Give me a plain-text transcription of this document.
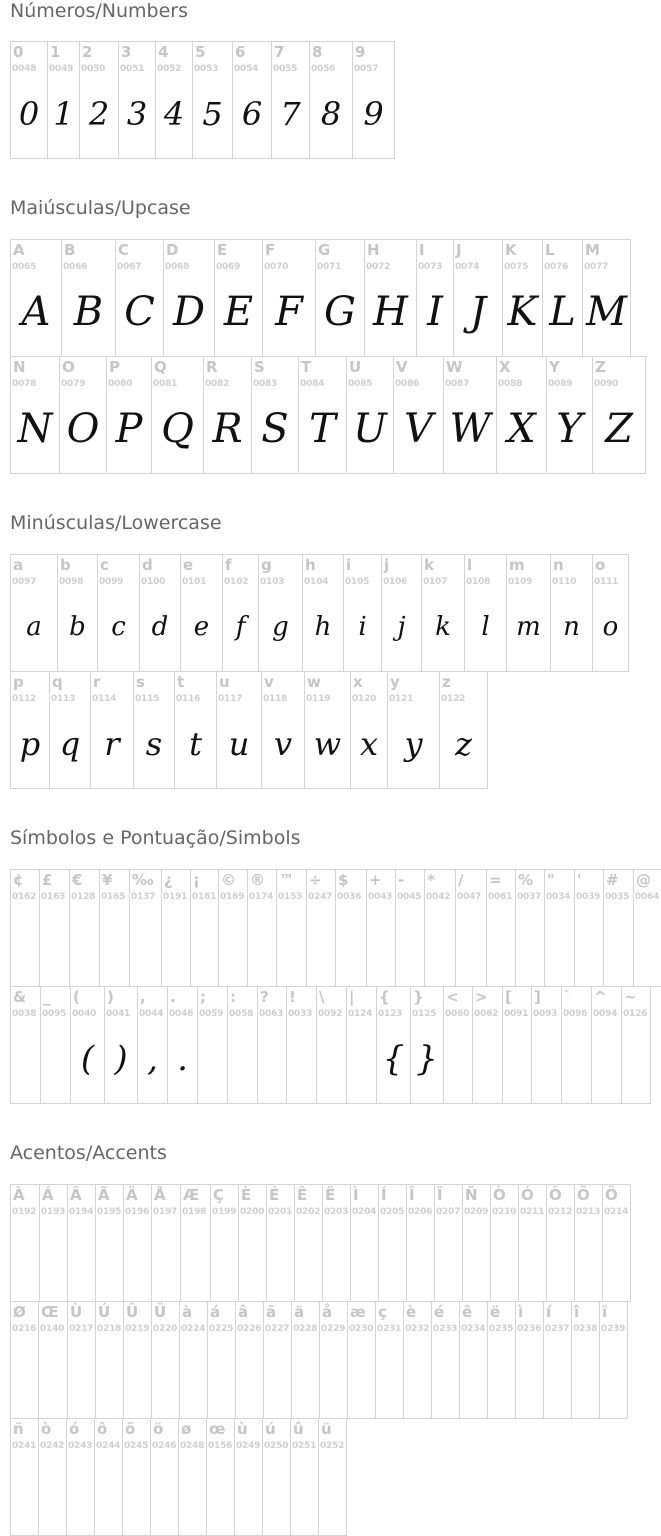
Números/Numbers
0
0048
0
1
0049
1
2
0050
2
3
0051
3
4
0052
4
5
0053
5
6
0054
6
7
0055
7
8
0056
8
9
0057
9
Maiúsculas/Upcase
A
0065
A
B
0066
B
C
0067
C
D
0068
D
E
0069
E
F
0070
F
G
0071
G
H
0072
H
I
0073
I
J
0074
J
K
0075
K
L
0076
L
M
0077
M
N
0078
N
O
0079
O
P
0080
P
Q
0081
Q
R
0082
R
S
0083
S
T
0084
T
U
0085
U
V
0086
V
W
0087
W
X
0088
X
Y
0089
Y
Z
0090
Z
Minúsculas/Lowercase
a
0097
a
b
0098
b
c
0099
c
d
0100
d
e
0101
e
f
0102
f
g
0103
g
h
0104
h
i
0105
i
j
0106
j
k
0107
k
l
0108
l
m
0109
m
n
0110
n
o
0111
o
p
0112
p
q
0113
q
r
0114
r
s
0115
s
t
0116
t
u
0117
u
v
0118
v
w
0119
w
x
0120
x
y
0121
y
z
0122
z
Símbolos e Pontuação/Simbols
¢
0162
£
0163
€
0128
¥
0165
‰
0137
¿
0191
¡
0161
©
0169
®
0174
™
0153
÷
0247
$
0036
+
0043
-
0045
*
0042
/
0047
=
0061
%
0037
"
0034
'
0039
#
0035
@
0064
&
0038
_
0095
(
0040
(
)
0041
)
,
0044
,
.
0046
.
;
0059
:
0058
?
0063
!
0033
\
0092
|
0124
{
0123
{
}
0125
}
<
0060
>
0062
[
0091
]
0093
`
0096
^
0094
~
0126
Acentos/Accents
À
0192
Á
0193
Â
0194
Ã
0195
Ä
0196
Å
0197
Æ
0198
Ç
0199
È
0200
É
0201
Ê
0202
Ë
0203
Ì
0204
Í
0205
Î
0206
Ï
0207
Ñ
0209
Ò
0210
Ó
0211
Ô
0212
Õ
0213
Ö
0214
Ø
0216
Œ
0140
Ù
0217
Ú
0218
Û
0219
Ü
0220
à
0224
á
0225
â
0226
ã
0227
ä
0228
å
0229
æ
0230
ç
0231
è
0232
é
0233
ê
0234
ë
0235
ì
0236
í
0237
î
0238
ï
0239
ñ
0241
ò
0242
ó
0243
ô
0244
õ
0245
ö
0246
ø
0248
œ
0156
ù
0249
ú
0250
û
0251
ü
0252
